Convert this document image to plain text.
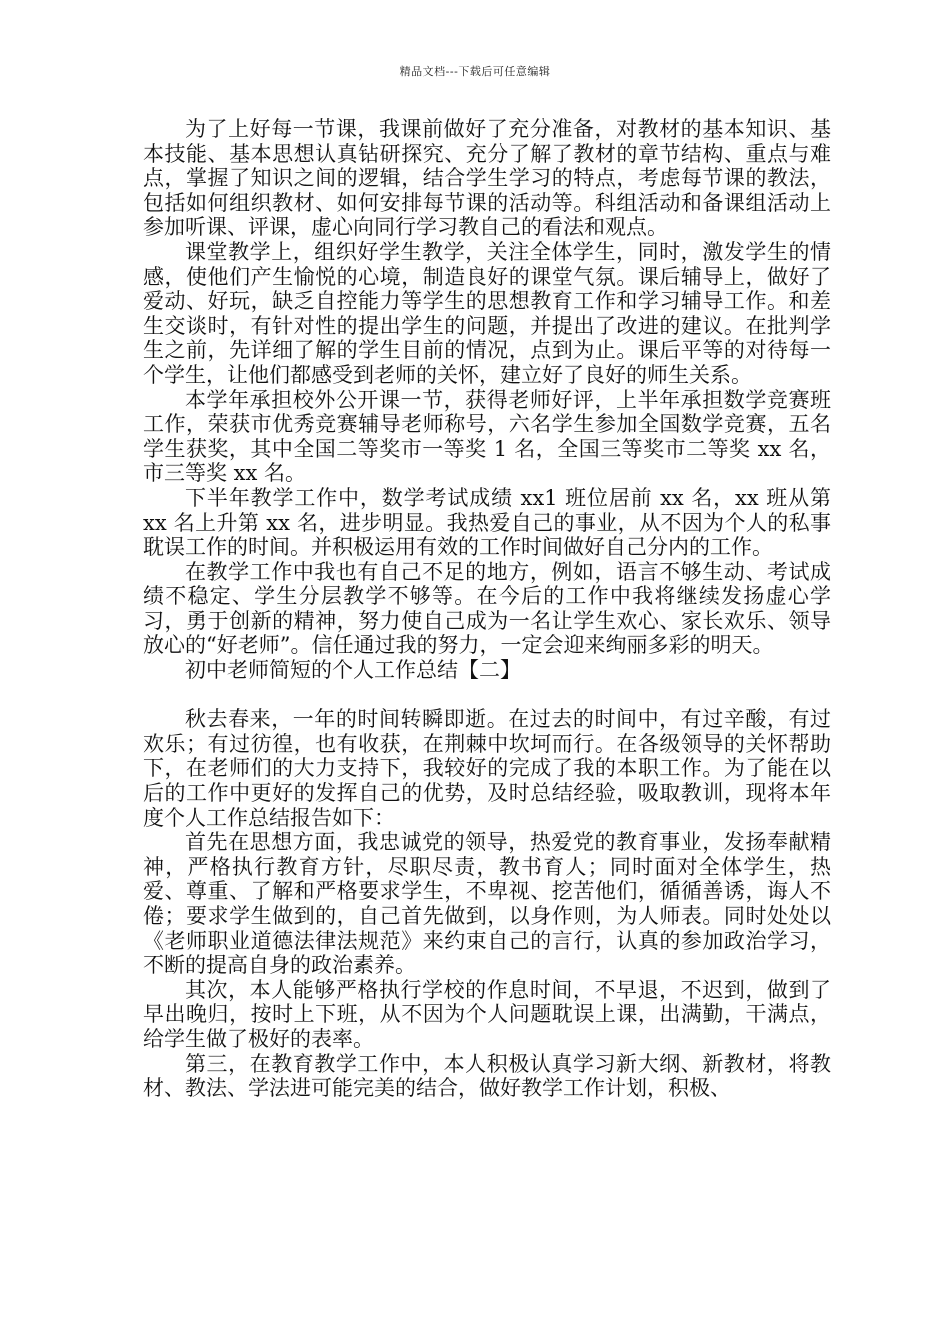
精品文档---下载后可任意编辑

为了上好每一节课，我课前做好了充分准备，对教材的基本知识、基本技能、基本思想认真钻研探究、充分了解了教材的章节结构、重点与难点，掌握了知识之间的逻辑，结合学生学习的特点，考虑每节课的教法，包括如何组织教材、如何安排每节课的活动等。科组活动和备课组活动上参加听课、评课，虚心向同行学习教自己的看法和观点。

课堂教学上，组织好学生教学，关注全体学生，同时，激发学生的情感，使他们产生愉悦的心境，制造良好的课堂气氛。课后辅导上，做好了爱动、好玩，缺乏自控能力等学生的思想教育工作和学习辅导工作。和差生交谈时，有针对性的提出学生的问题，并提出了改进的建议。在批判学生之前，先详细了解的学生目前的情况，点到为止。课后平等的对待每一个学生，让他们都感受到老师的关怀，建立好了良好的师生关系。

本学年承担校外公开课一节，获得老师好评，上半年承担数学竞赛班工作，荣获市优秀竞赛辅导老师称号，六名学生参加全国数学竞赛，五名学生获奖，其中全国二等奖市一等奖 1 名，全国三等奖市二等奖 xx 名，市三等奖 xx 名。

下半年教学工作中，数学考试成绩 xx1 班位居前 xx 名，xx 班从第 xx 名上升第 xx 名，进步明显。我热爱自己的事业，从不因为个人的私事耽误工作的时间。并积极运用有效的工作时间做好自己分内的工作。

在教学工作中我也有自己不足的地方，例如，语言不够生动、考试成绩不稳定、学生分层教学不够等。在今后的工作中我将继续发扬虚心学习，勇于创新的精神，努力使自己成为一名让学生欢心、家长欢乐、领导放心的“好老师”。信任通过我的努力，一定会迎来绚丽多彩的明天。

初中老师简短的个人工作总结【二】

秋去春来，一年的时间转瞬即逝。在过去的时间中，有过辛酸，有过欢乐；有过彷徨，也有收获，在荆棘中坎坷而行。在各级领导的关怀帮助下，在老师们的大力支持下，我较好的完成了我的本职工作。为了能在以后的工作中更好的发挥自己的优势，及时总结经验，吸取教训，现将本年度个人工作总结报告如下：

首先在思想方面，我忠诚党的领导，热爱党的教育事业，发扬奉献精神，严格执行教育方针，尽职尽责，教书育人；同时面对全体学生，热爱、尊重、了解和严格要求学生，不卑视、挖苦他们，循循善诱，诲人不倦；要求学生做到的，自己首先做到，以身作则，为人师表。同时处处以《老师职业道德法律法规范》来约束自己的言行，认真的参加政治学习，不断的提高自身的政治素养。

其次，本人能够严格执行学校的作息时间，不早退，不迟到，做到了早出晚归，按时上下班，从不因为个人问题耽误上课，出满勤，干满点，给学生做了极好的表率。

第三，在教育教学工作中，本人积极认真学习新大纲、新教材，将教材、教法、学法进可能完美的结合，做好教学工作计划，积极、
